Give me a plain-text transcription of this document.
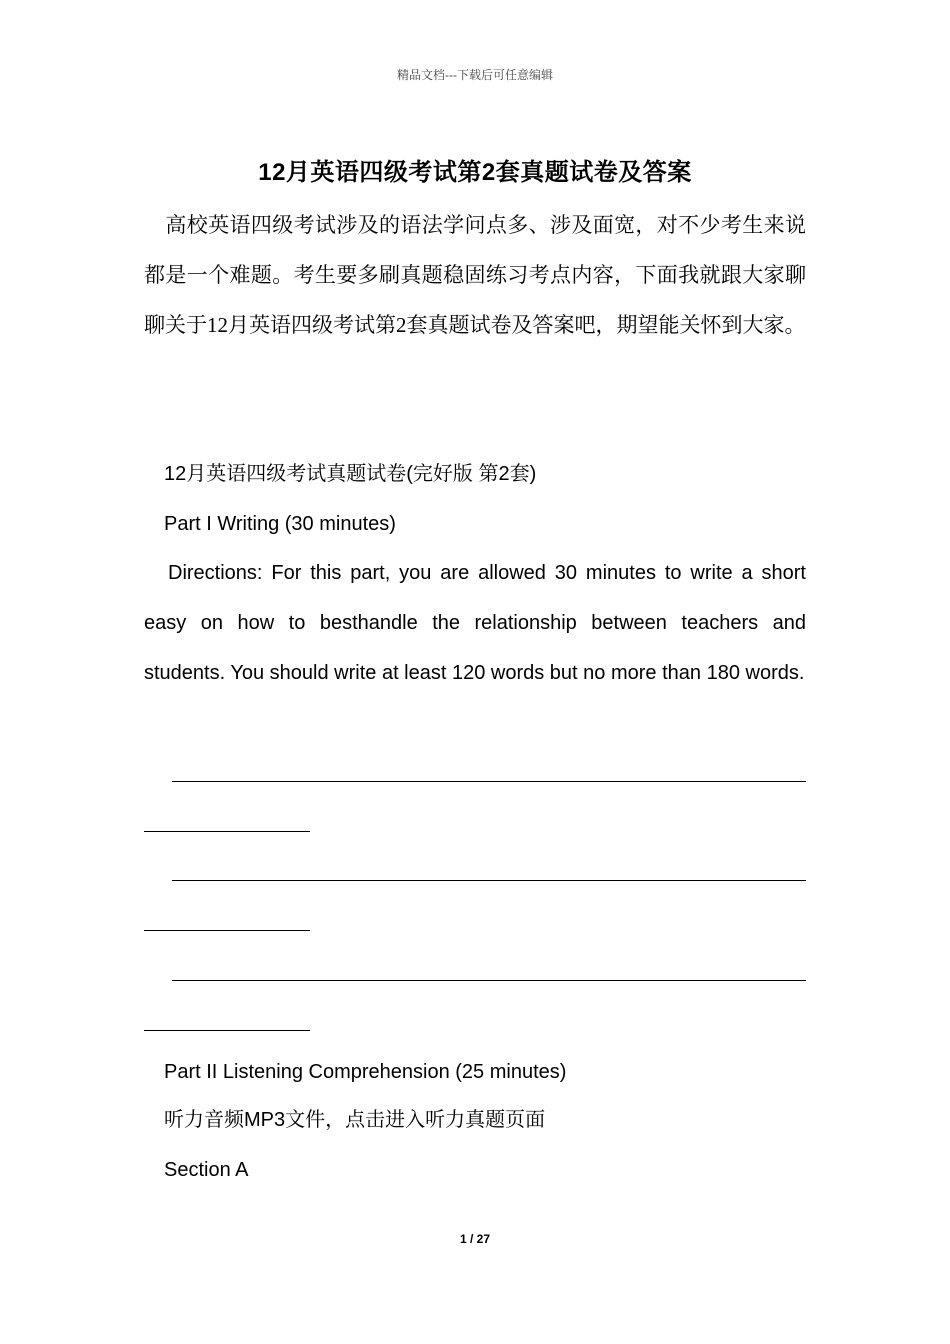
精品文档---下载后可任意编辑
12月英语四级考试第2套真题试卷及答案
高校英语四级考试涉及的语法学问点多、涉及面宽，对不少考生来说都是一个难题。考生要多刷真题稳固练习考点内容，下面我就跟大家聊聊关于12月英语四级考试第2套真题试卷及答案吧，期望能关怀到大家。
12月英语四级考试真题试卷(完好版 第2套)
Part I Writing (30 minutes)
Directions: For this part, you are allowed 30 minutes to write a short easy on how to besthandle the relationship between teachers and students. You should write at least 120 words but no more than 180 words.
Part II Listening Comprehension (25 minutes)
听力音频MP3文件，点击进入听力真题页面
Section A
1 / 27
